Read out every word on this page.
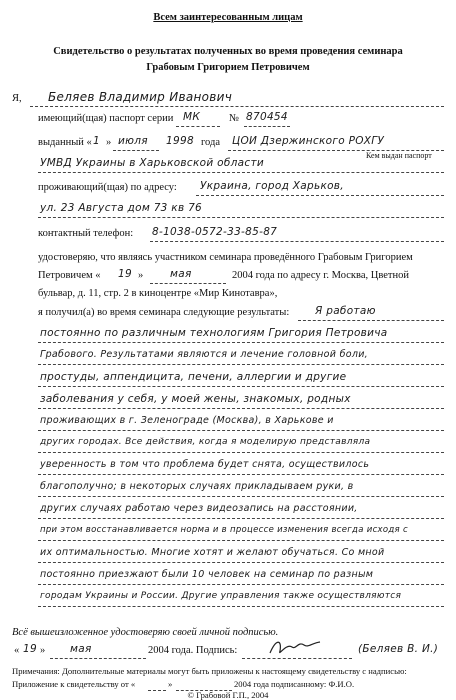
Всем заинтересованным лицам
Свидетельство о результатах полученных во время проведения семинара
Грабовым Григорием Петровичем
Я, Беляев Владимир Иванович
имеющий(щая) паспорт серии МК	№ 870454
выданный « 1 » июля 1998 года ЦОИ Дзержинского РОХГУ
Кем выдан паспорт
УМВД Украины в Харьковской области
проживающий(щая) по адресу: Украина, город Харьков,
ул. 23 Августа дом 73 кв 76
контактный телефон: 8-1038-0572-33-85-87
удостоверяю, что являясь участником семинара проведённого Грабовым Григорием
Петровичем « 19 »	мая	2004 года по адресу г. Москва, Цветной
бульвар, д. 11, стр. 2 в киноцентре «Мир Кинотавра»,
я получил(а) во время семинара следующие результаты: Я работаю
постоянно по различным технологиям Григория Петровича
Грабового. Результатами являются и лечение головной боли,
простуды, аппендицита, печени, аллергии и другие
заболевания у себя, у моей жены, знакомых, родных
проживающих в г. Зеленограде (Москва), в Харькове и
других городах. Все действия, когда я моделирую представляла
уверенность в том что проблема будет снята, осуществилось
благополучно; в некоторых случаях прикладываем руки, в
других случаях работаю через видеозапись на расстоянии,
при этом восстанавливается норма и в процессе изменения всегда исходя с
их оптимальностью. Многие хотят и желают обучаться. Со мной
постоянно приезжают были 10 человек на семинар по разным
городам Украины и России. Другие управления также осуществляются
Всё вышеизложенное удостоверяю своей личной подписью.
« 19 » мая	2004 года. Подпись:	(Беляев В. И.)
Примечания: Дополнительные материалы могут быть приложены к настоящему свидетельству с надписью:
Приложение к свидетельству от «	»	2004 года подписанному: Ф.И.О.
© Грабовой Г.П., 2004
